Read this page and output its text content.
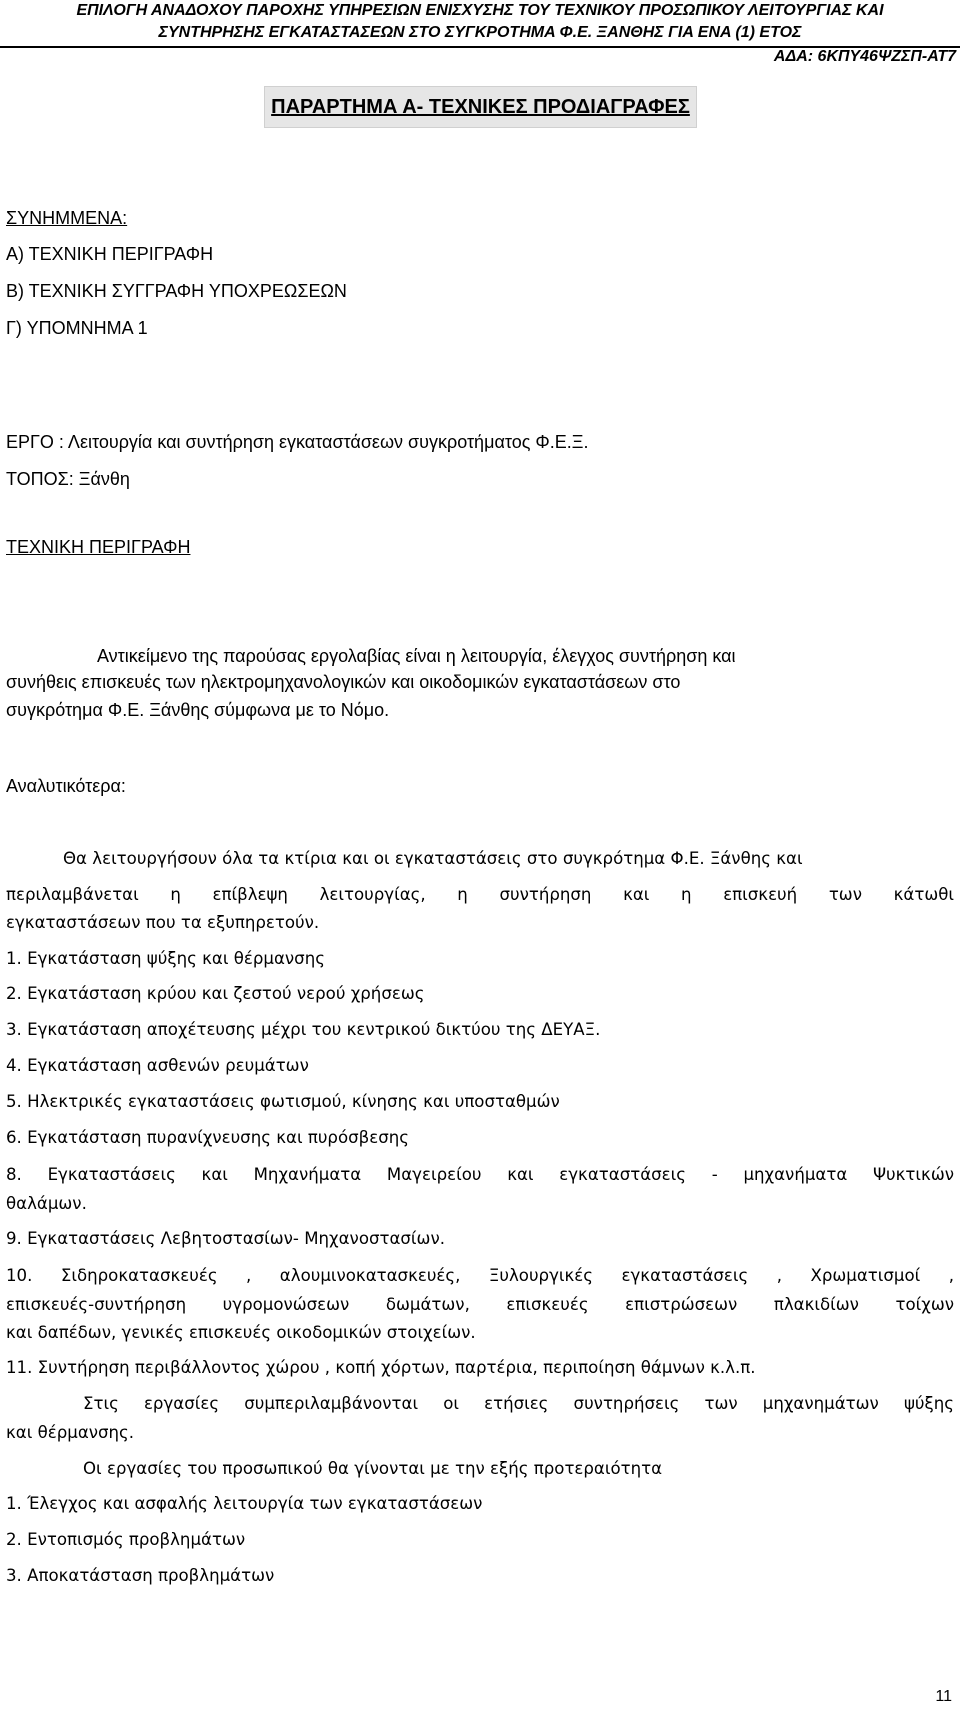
ΕΠΙΛΟΓΗ ΑΝΑΔΟΧΟΥ ΠΑΡΟΧΗΣ ΥΠΗΡΕΣΙΩΝ ΕΝΙΣΧΥΣΗΣ ΤΟΥ ΤΕΧΝΙΚΟΥ ΠΡΟΣΩΠΙΚΟΥ ΛΕΙΤΟΥΡΓΙΑΣ ΚΑΙ
ΣΥΝΤΗΡΗΣΗΣ ΕΓΚΑΤΑΣΤΑΣΕΩΝ ΣΤΟ ΣΥΓΚΡΟΤΗΜΑ Φ.Ε. ΞΑΝΘΗΣ ΓΙΑ ΕΝΑ (1) ΕΤΟΣ
ΑΔΑ: 6ΚΠΥ46ΨΖΣΠ-ΑΤ7
ΠΑΡΑΡΤΗΜΑ Α- ΤΕΧΝΙΚΕΣ ΠΡΟΔΙΑΓΡΑΦΕΣ
ΣΥΝΗΜΜΕΝΑ:
Α) ΤΕΧΝΙΚΗ ΠΕΡΙΓΡΑΦΗ
Β) ΤΕΧΝΙΚΗ ΣΥΓΓΡΑΦΗ ΥΠΟΧΡΕΩΣΕΩΝ
Γ) ΥΠΟΜΝΗΜΑ 1
ΕΡΓΟ : Λειτουργία και συντήρηση εγκαταστάσεων συγκροτήματος Φ.Ε.Ξ.
ΤΟΠΟΣ: Ξάνθη
ΤΕΧΝΙΚΗ ΠΕΡΙΓΡΑΦΗ
Αντικείμενο της παρούσας εργολαβίας είναι η λειτουργία, έλεγχος συντήρηση και
συνήθεις επισκευές των ηλεκτρομηχανολογικών και οικοδομικών εγκαταστάσεων στο
συγκρότημα Φ.Ε. Ξάνθης σύμφωνα με το Νόμο.
Αναλυτικότερα:
Θα λειτουργήσουν όλα τα κτίρια και οι εγκαταστάσεις στο συγκρότημα Φ.Ε. Ξάνθης και
περιλαμβάνεται η επίβλεψη λειτουργίας, η συντήρηση και η επισκευή των κάτωθι
εγκαταστάσεων που τα εξυπηρετούν.
1. Εγκατάσταση ψύξης και θέρμανσης
2. Εγκατάσταση κρύου και ζεστού νερού χρήσεως
3. Εγκατάσταση αποχέτευσης μέχρι του κεντρικού δικτύου της ΔΕΥΑΞ.
4. Εγκατάσταση ασθενών ρευμάτων
5. Ηλεκτρικές εγκαταστάσεις φωτισμού, κίνησης και υποσταθμών
6. Εγκατάσταση πυρανίχνευσης και πυρόσβεσης
8. Εγκαταστάσεις και Μηχανήματα Μαγειρείου και εγκαταστάσεις - μηχανήματα Ψυκτικών
θαλάμων.
9. Εγκαταστάσεις Λεβητοστασίων- Μηχανοστασίων.
10. Σιδηροκατασκευές , αλουμινοκατασκευές, Ξυλουργικές εγκαταστάσεις , Χρωματισμοί ,
επισκευές-συντήρηση υγρομονώσεων δωμάτων, επισκευές επιστρώσεων πλακιδίων τοίχων
και δαπέδων, γενικές επισκευές οικοδομικών στοιχείων.
11. Συντήρηση περιβάλλοντος χώρου , κοπή χόρτων, παρτέρια, περιποίηση θάμνων κ.λ.π.
Στις εργασίες συμπεριλαμβάνονται οι ετήσιες συντηρήσεις των μηχανημάτων ψύξης
και θέρμανσης.
Οι εργασίες του προσωπικού θα γίνονται με την εξής προτεραιότητα
1. Έλεγχος και ασφαλής λειτουργία των εγκαταστάσεων
2. Εντοπισμός προβλημάτων
3. Αποκατάσταση προβλημάτων
11
